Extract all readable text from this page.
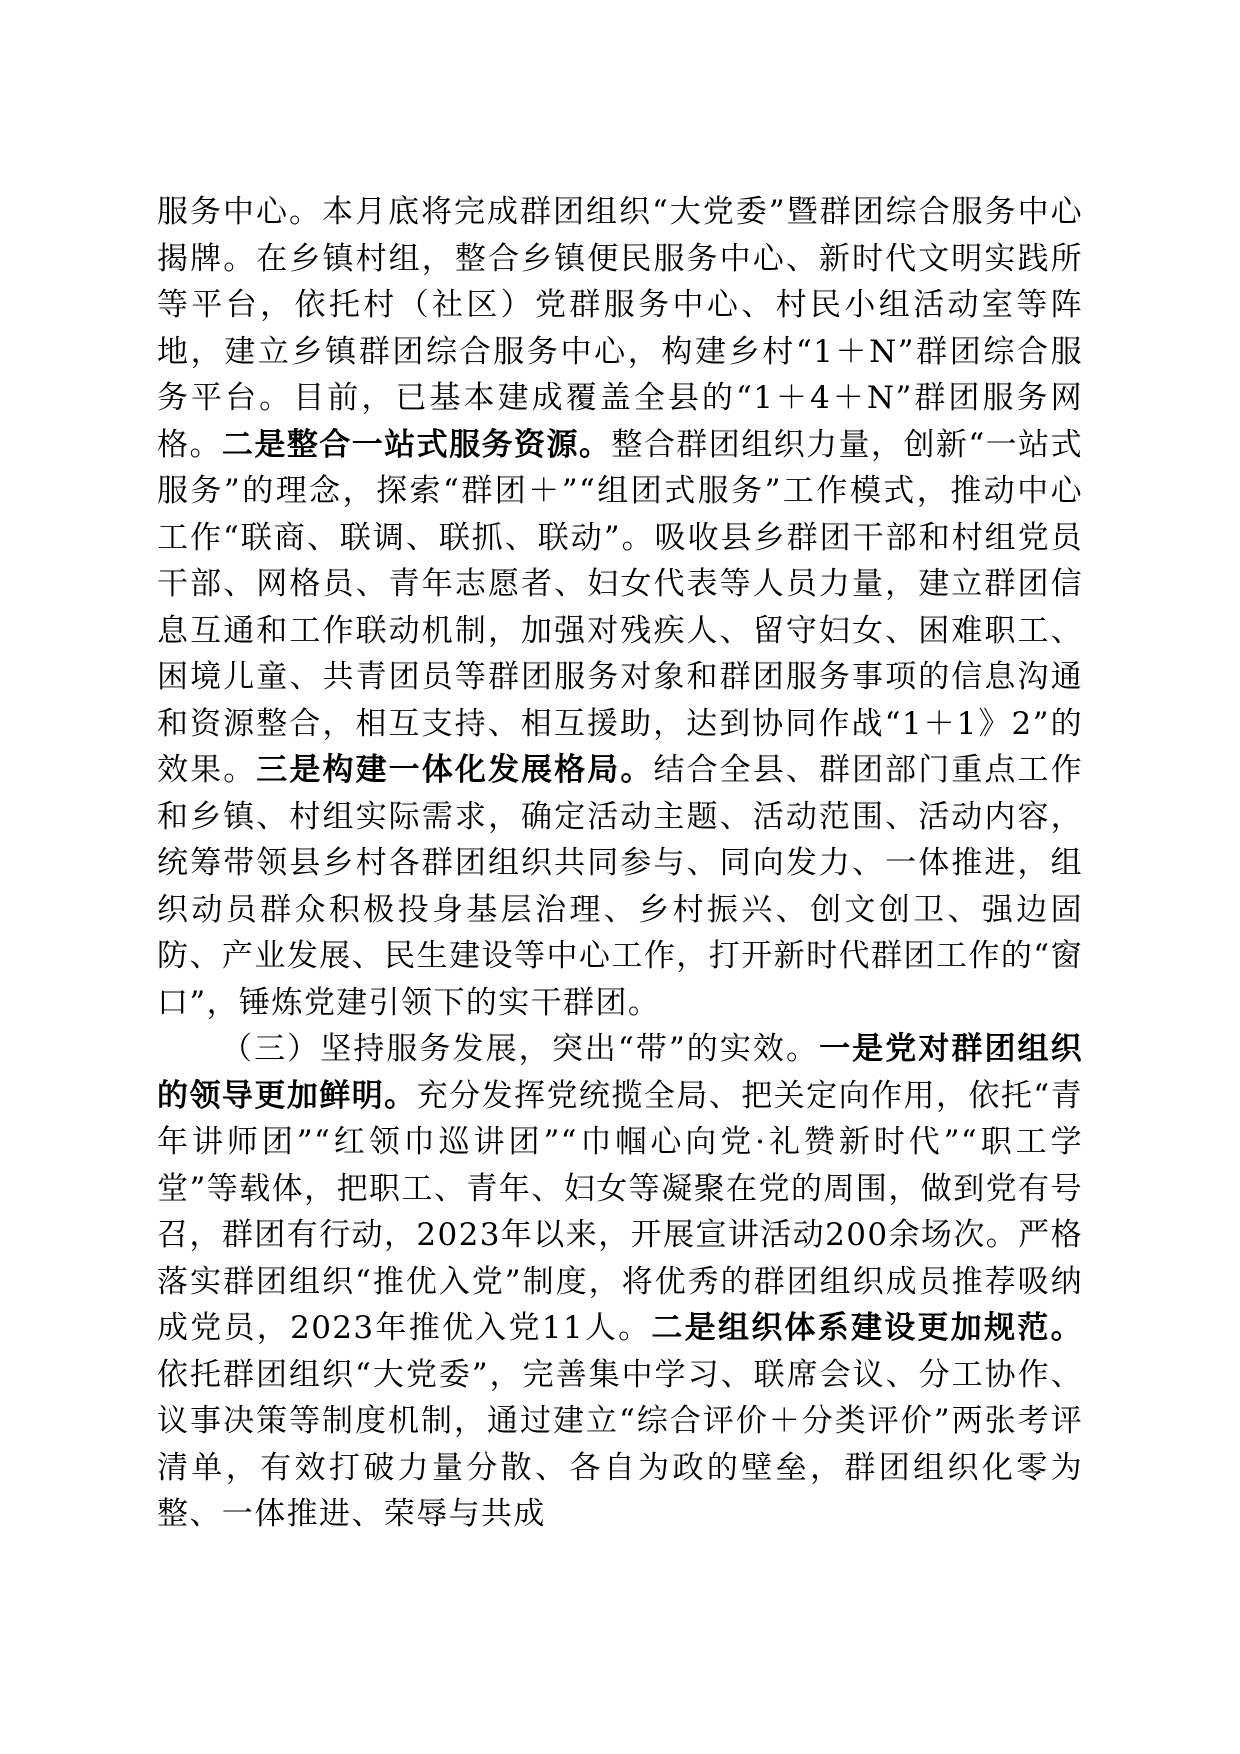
服务中心。本月底将完成群团组织“大党委”暨群团综合服务中心揭牌。在乡镇村组，整合乡镇便民服务中心、新时代文明实践所等平台，依托村（社区）党群服务中心、村民小组活动室等阵地，建立乡镇群团综合服务中心，构建乡村“1＋N”群团综合服务平台。目前，已基本建成覆盖全县的“1＋4＋N”群团服务网格。二是整合一站式服务资源。整合群团组织力量，创新“一站式服务”的理念，探索“群团＋”“组团式服务”工作模式，推动中心工作“联商、联调、联抓、联动”。吸收县乡群团干部和村组党员干部、网格员、青年志愿者、妇女代表等人员力量，建立群团信息互通和工作联动机制，加强对残疾人、留守妇女、困难职工、困境儿童、共青团员等群团服务对象和群团服务事项的信息沟通和资源整合，相互支持、相互援助，达到协同作战“1＋1》2”的效果。三是构建一体化发展格局。结合全县、群团部门重点工作和乡镇、村组实际需求，确定活动主题、活动范围、活动内容，统筹带领县乡村各群团组织共同参与、同向发力、一体推进，组织动员群众积极投身基层治理、乡村振兴、创文创卫、强边固防、产业发展、民生建设等中心工作，打开新时代群团工作的“窗口”，锤炼党建引领下的实干群团。

（三）坚持服务发展，突出“带”的实效。一是党对群团组织的领导更加鲜明。充分发挥党统揽全局、把关定向作用，依托“青年讲师团”“红领巾巡讲团”“巾帼心向党·礼赞新时代”“职工学堂”等载体，把职工、青年、妇女等凝聚在党的周围，做到党有号召，群团有行动，2023年以来，开展宣讲活动200余场次。严格落实群团组织“推优入党”制度，将优秀的群团组织成员推荐吸纳成党员，2023年推优入党11人。二是组织体系建设更加规范。依托群团组织“大党委”，完善集中学习、联席会议、分工协作、议事决策等制度机制，通过建立“综合评价＋分类评价”两张考评清单，有效打破力量分散、各自为政的壁垒，群团组织化零为整、一体推进、荣辱与共成
